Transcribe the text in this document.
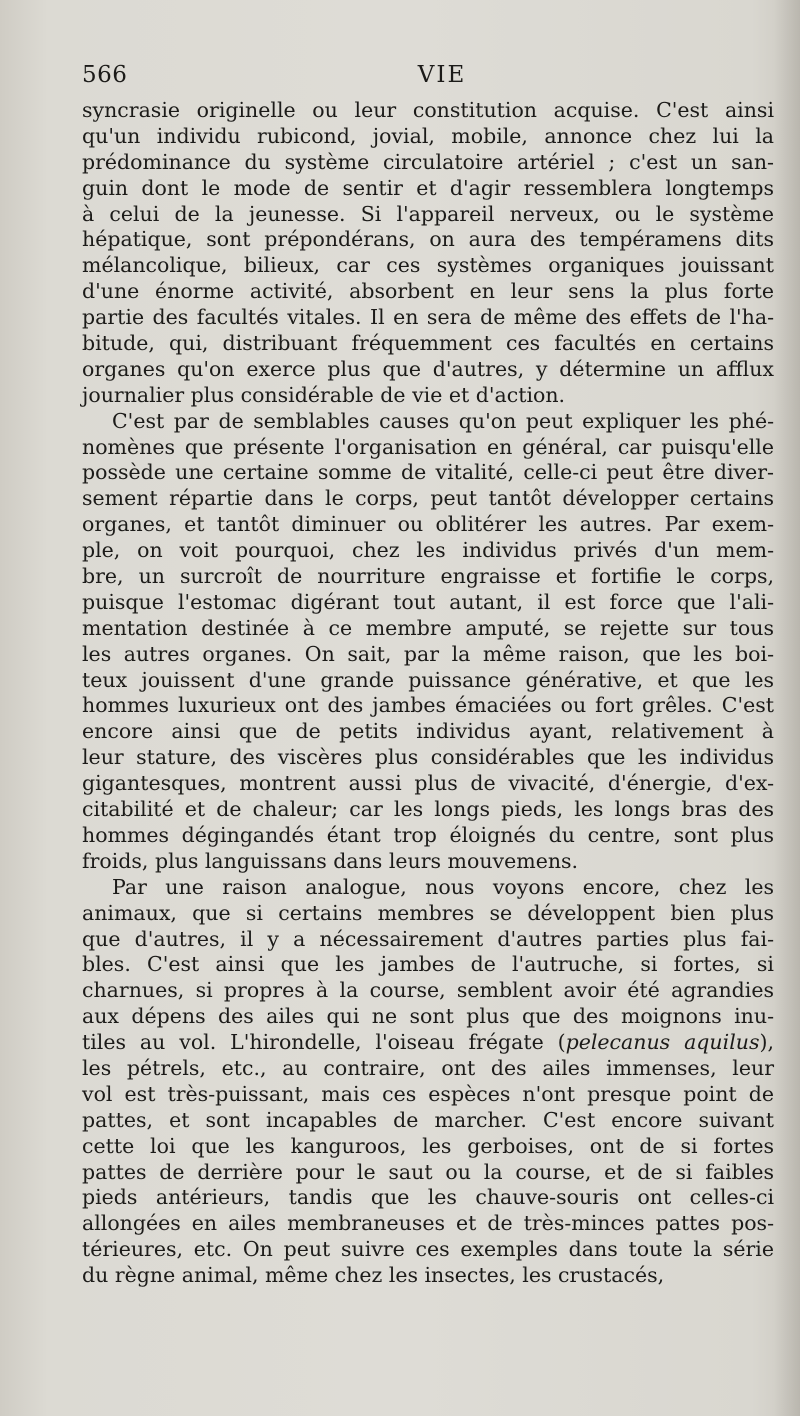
566	VIE
syncrasie originelle ou leur constitution acquise. C'est ainsi
qu'un individu rubicond, jovial, mobile, annonce chez lui la
prédominance du système circulatoire artériel ; c'est un san-
guin dont le mode de sentir et d'agir ressemblera longtemps
à celui de la jeunesse. Si l'appareil nerveux, ou le système
hépatique, sont prépondérans, on aura des tempéramens dits
mélancolique, bilieux, car ces systèmes organiques jouissant
d'une énorme activité, absorbent en leur sens la plus forte
partie des facultés vitales. Il en sera de même des effets de l'ha-
bitude, qui, distribuant fréquemment ces facultés en certains
organes qu'on exerce plus que d'autres, y détermine un afflux
journalier plus considérable de vie et d'action.
C'est par de semblables causes qu'on peut expliquer les phé-
nomènes que présente l'organisation en général, car puisqu'elle
possède une certaine somme de vitalité, celle-ci peut être diver-
sement répartie dans le corps, peut tantôt développer certains
organes, et tantôt diminuer ou oblitérer les autres. Par exem-
ple, on voit pourquoi, chez les individus privés d'un mem-
bre, un surcroît de nourriture engraisse et fortifie le corps,
puisque l'estomac digérant tout autant, il est force que l'ali-
mentation destinée à ce membre amputé, se rejette sur tous
les autres organes. On sait, par la même raison, que les boi-
teux jouissent d'une grande puissance générative, et que les
hommes luxurieux ont des jambes émaciées ou fort grêles. C'est
encore ainsi que de petits individus ayant, relativement à
leur stature, des viscères plus considérables que les individus
gigantesques, montrent aussi plus de vivacité, d'énergie, d'ex-
citabilité et de chaleur; car les longs pieds, les longs bras des
hommes dégingandés étant trop éloignés du centre, sont plus
froids, plus languissans dans leurs mouvemens.
Par une raison analogue, nous voyons encore, chez les
animaux, que si certains membres se développent bien plus
que d'autres, il y a nécessairement d'autres parties plus fai-
bles. C'est ainsi que les jambes de l'autruche, si fortes, si
charnues, si propres à la course, semblent avoir été agrandies
aux dépens des ailes qui ne sont plus que des moignons inu-
tiles au vol. L'hirondelle, l'oiseau frégate (pelecanus aquilus),
les pétrels, etc., au contraire, ont des ailes immenses, leur
vol est très-puissant, mais ces espèces n'ont presque point de
pattes, et sont incapables de marcher. C'est encore suivant
cette loi que les kanguroos, les gerboises, ont de si fortes
pattes de derrière pour le saut ou la course, et de si faibles
pieds antérieurs, tandis que les chauve-souris ont celles-ci
allongées en ailes membraneuses et de très-minces pattes pos-
térieures, etc. On peut suivre ces exemples dans toute la série
du règne animal, même chez les insectes, les crustacés,
